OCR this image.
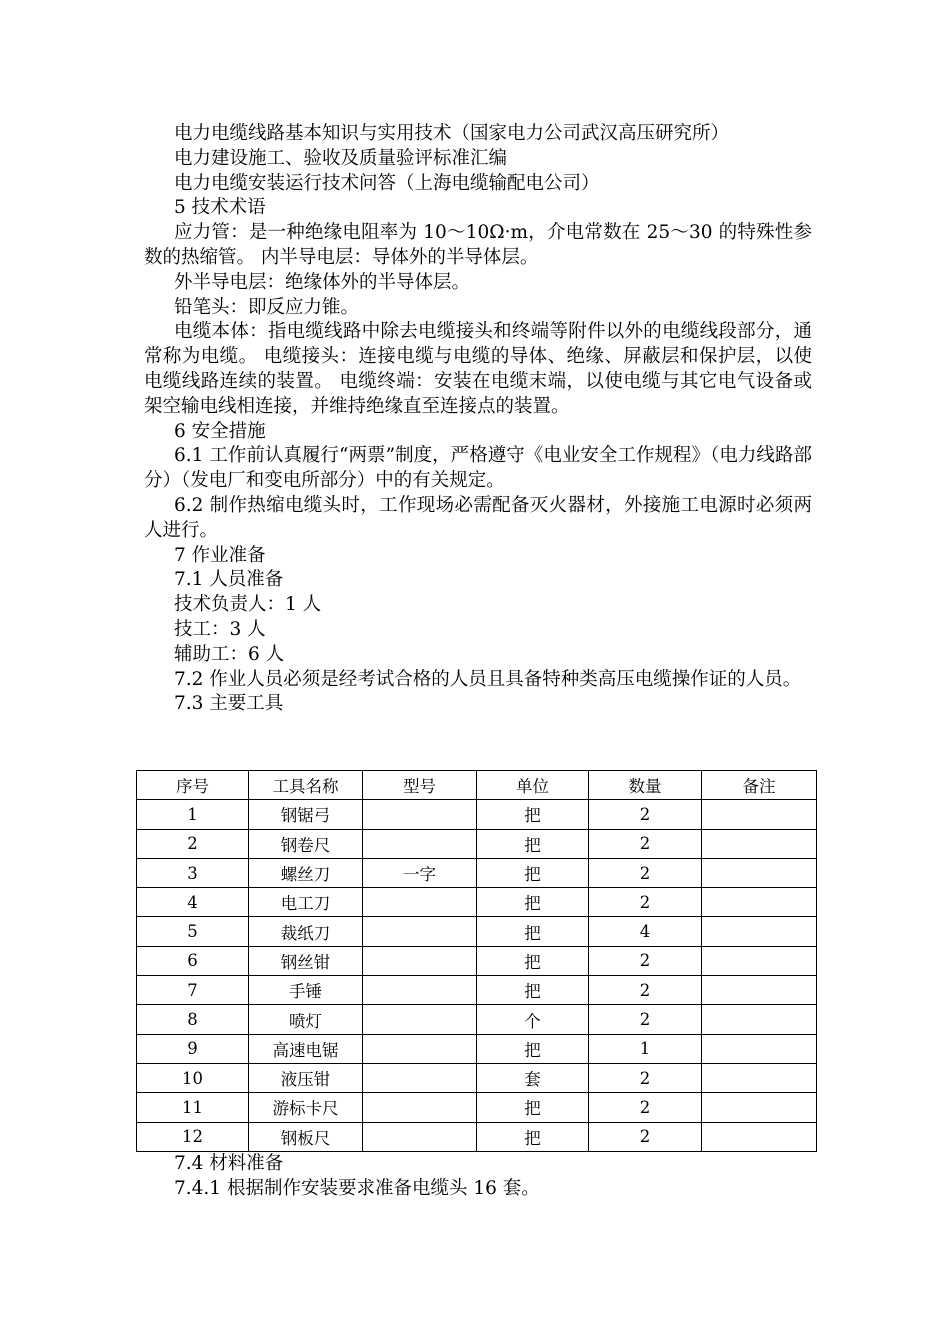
电力电缆线路基本知识与实用技术（国家电力公司武汉高压研究所）

电力建设施工、验收及质量验评标准汇编

电力电缆安装运行技术问答（上海电缆输配电公司）

5 技术术语

应力管：是一种绝缘电阻率为 10～10Ω·m，介电常数在 25～30 的特殊性参数的热缩管。 内半导电层：导体外的半导体层。

外半导电层：绝缘体外的半导体层。

铅笔头：即反应力锥。

电缆本体：指电缆线路中除去电缆接头和终端等附件以外的电缆线段部分，通常称为电缆。 电缆接头：连接电缆与电缆的导体、绝缘、屏蔽层和保护层，以使电缆线路连续的装置。 电缆终端：安装在电缆末端，以使电缆与其它电气设备或架空输电线相连接，并维持绝缘直至连接点的装置。

6 安全措施

6.1 工作前认真履行“两票”制度，严格遵守《电业安全工作规程》（电力线路部分）（发电厂和变电所部分）中的有关规定。

6.2 制作热缩电缆头时，工作现场必需配备灭火器材，外接施工电源时必须两人进行。

7 作业准备

7.1 人员准备

技术负责人：1 人

技工：3 人

辅助工：6 人

7.2 作业人员必须是经考试合格的人员且具备特种类高压电缆操作证的人员。

7.3 主要工具

序号	工具名称	型号	单位	数量	备注
1	钢锯弓		把	2	
2	钢卷尺		把	2	
3	螺丝刀	一字	把	2	
4	电工刀		把	2	
5	裁纸刀		把	4	
6	钢丝钳		把	2	
7	手锤		把	2	
8	喷灯		个	2	
9	高速电锯		把	1	
10	液压钳		套	2	
11	游标卡尺		把	2	
12	钢板尺		把	2	

7.4 材料准备

7.4.1 根据制作安装要求准备电缆头 16 套。
